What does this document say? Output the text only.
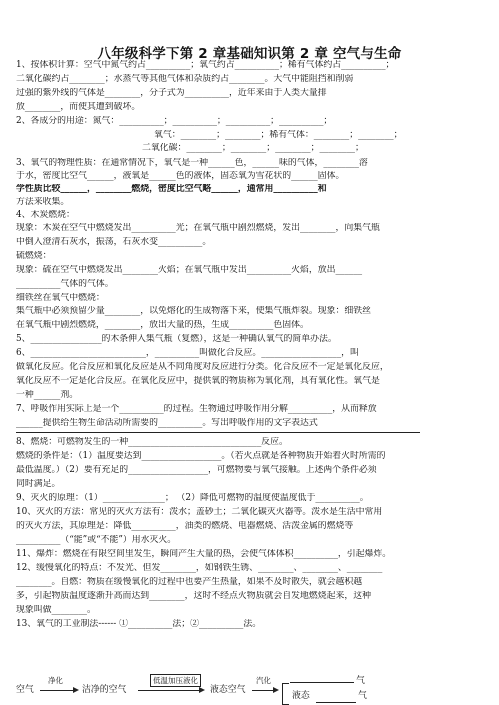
八年级科学下第 2 章基础知识第 2 章 空气与生命
1、按体积计算：空气中氮气约占__________；氧气约占__________；稀有气体约占__________；
二氧化碳约占________；水蒸气等其他气体和杂质约占________。大气中能阻挡和削弱
过强的紫外线的气体是________，分子式为__________，近年来由于人类大量排
放________，而使其遭到破坏。
2、各成分的用途：氮气：__________；__________；__________；__________；
氧气：________；________；稀有气体：________；________；
二氧化碳：________；________；________；________；
3、氧气的物理性质：在通常情况下，氧气是一种______色，______味的气体，________溶
于水，密度比空气______，液氧是______色的液体，固态氧为雪花状的______固体。
学性质比较______，________燃烧，密度比空气略______，通常用__________和
方法来收集。
4、木炭燃烧：
现象：木炭在空气中燃烧发出__________光；在氧气瓶中剧烈燃烧，发出________，向集气瓶
中倒入澄清石灰水，振荡，石灰水变__________。
硫燃烧：
现象：硫在空气中燃烧发出________火焰；在氧气瓶中发出__________火焰，放出______
__________气体的气体。
细铁丝在氧气中燃烧：
集气瓶中必须预留少量________，以免熔化的生成物落下来，使集气瓶炸裂。现象：细铁丝
在氧气瓶中剧烈燃烧，________，放出大量的热，生成__________色固体。
5、________________的木条伸入集气瓶（复燃），这是一种确认氧气的简单办法。
6、__________________________，__________叫做化合反应。__________________，叫
做氧化反应。化合反应和氧化反应是从不同角度对反应进行分类。化合反应不一定是氧化反应，
氧化反应不一定是化合反应。在氧化反应中，提供氧的物质称为氧化剂，具有氧化性。氧气是
一种______剂。
7、呼吸作用实际上是一个__________的过程。生物通过呼吸作用分解__________，从而释放
______提供给生物生命活动所需要的__________。写出呼吸作用的文字表达式
8、燃烧：可燃物发生的一种______________________________反应。
燃烧的条件是：（1）温度要达到__________________。（若火点就是各种物质开始着火时所需的
最低温度。）（2）要有充足的__________________，可燃物要与氧气接触。上述两个条件必须
同时满足。
9、灭火的原理：（1）______________； （2）降低可燃物的温度使温度低于__________。
10、灭火的方法：常见的灭火方法有：泼水；盖砂土；二氧化碳灭火器等。泼水是生活中常用
的灭火方法，其原理是：降低__________，油类的燃烧、电器燃烧、活泼金属的燃烧等
__________（“能”或“不能”）用水灭火。
11、爆炸：燃烧在有限空间里发生，瞬间产生大量的热，会使气体体积__________，引起爆炸。
12、缓慢氧化的特点：不发光、但发________，如钢铁生锈、________、________、________
________。自燃：物质在缓慢氧化的过程中也要产生热量，如果不及时散失，就会越积越
多，引起物质温度逐渐升高而达到________，这时不经点火物质就会自发地燃烧起来，这种
现象叫做________。
13、氧气的工业制法------ ①__________法；②__________法。
空气
净化
洁净的空气
低温加压液化
液态空气
汽化	气
液态	气
